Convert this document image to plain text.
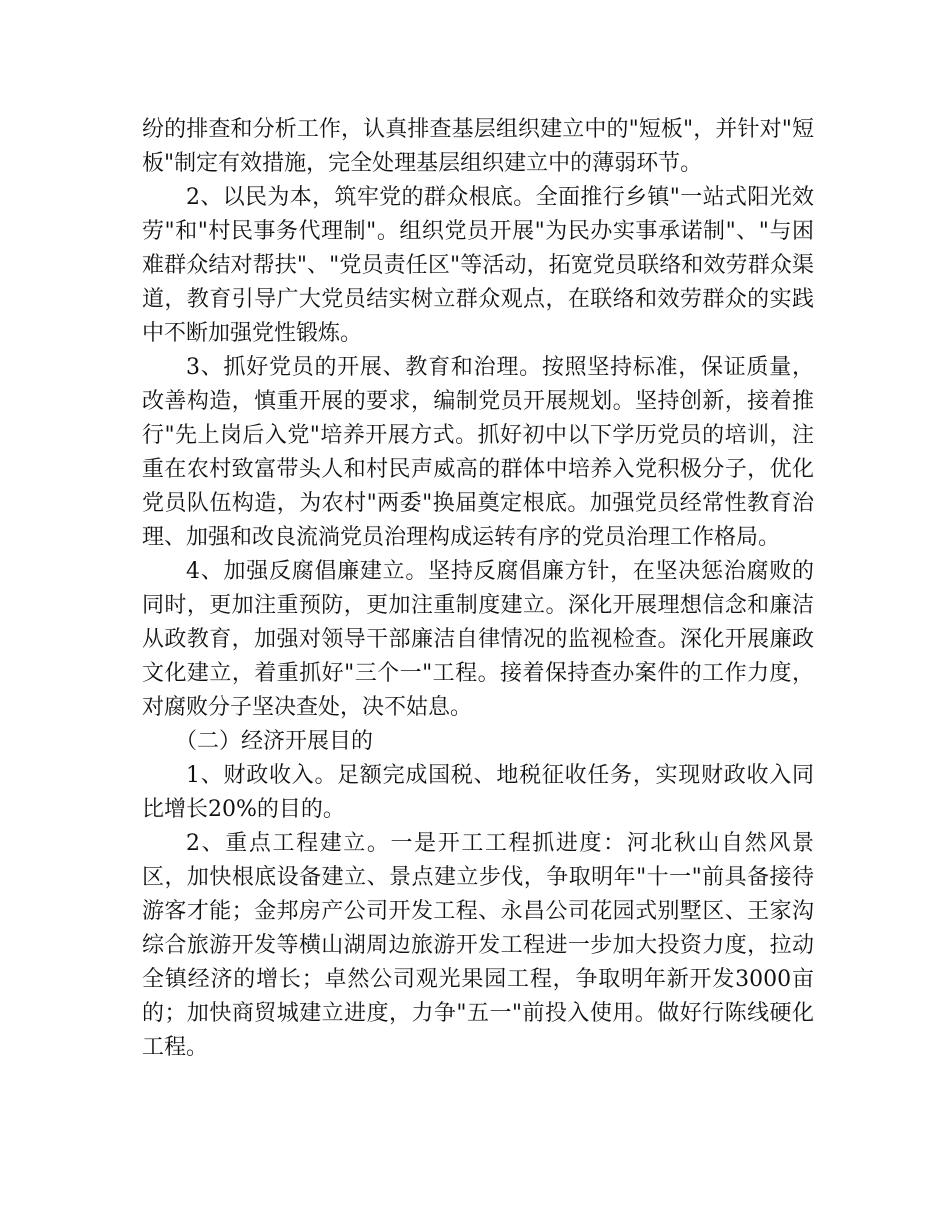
纷的排查和分析工作，认真排查基层组织建立中的"短板"，并针对"短板"制定有效措施，完全处理基层组织建立中的薄弱环节。

2、以民为本，筑牢党的群众根底。全面推行乡镇"一站式阳光效劳"和"村民事务代理制"。组织党员开展"为民办实事承诺制"、"与困难群众结对帮扶"、"党员责任区"等活动，拓宽党员联络和效劳群众渠道，教育引导广大党员结实树立群众观点，在联络和效劳群众的实践中不断加强党性锻炼。

3、抓好党员的开展、教育和治理。按照坚持标准，保证质量，改善构造，慎重开展的要求，编制党员开展规划。坚持创新，接着推行"先上岗后入党"培养开展方式。抓好初中以下学历党员的培训，注重在农村致富带头人和村民声威高的群体中培养入党积极分子，优化党员队伍构造，为农村"两委"换届奠定根底。加强党员经常性教育治理、加强和改良流淌党员治理构成运转有序的党员治理工作格局。

4、加强反腐倡廉建立。坚持反腐倡廉方针，在坚决惩治腐败的同时，更加注重预防，更加注重制度建立。深化开展理想信念和廉洁从政教育，加强对领导干部廉洁自律情况的监视检查。深化开展廉政文化建立，着重抓好"三个一"工程。接着保持查办案件的工作力度，对腐败分子坚决查处，决不姑息。

（二）经济开展目的

1、财政收入。足额完成国税、地税征收任务，实现财政收入同比增长20%的目的。

2、重点工程建立。一是开工工程抓进度：河北秋山自然风景区，加快根底设备建立、景点建立步伐，争取明年"十一"前具备接待游客才能；金邦房产公司开发工程、永昌公司花园式别墅区、王家沟综合旅游开发等横山湖周边旅游开发工程进一步加大投资力度，拉动全镇经济的增长；卓然公司观光果园工程，争取明年新开发3000亩的；加快商贸城建立进度，力争"五一"前投入使用。做好行陈线硬化工程。
